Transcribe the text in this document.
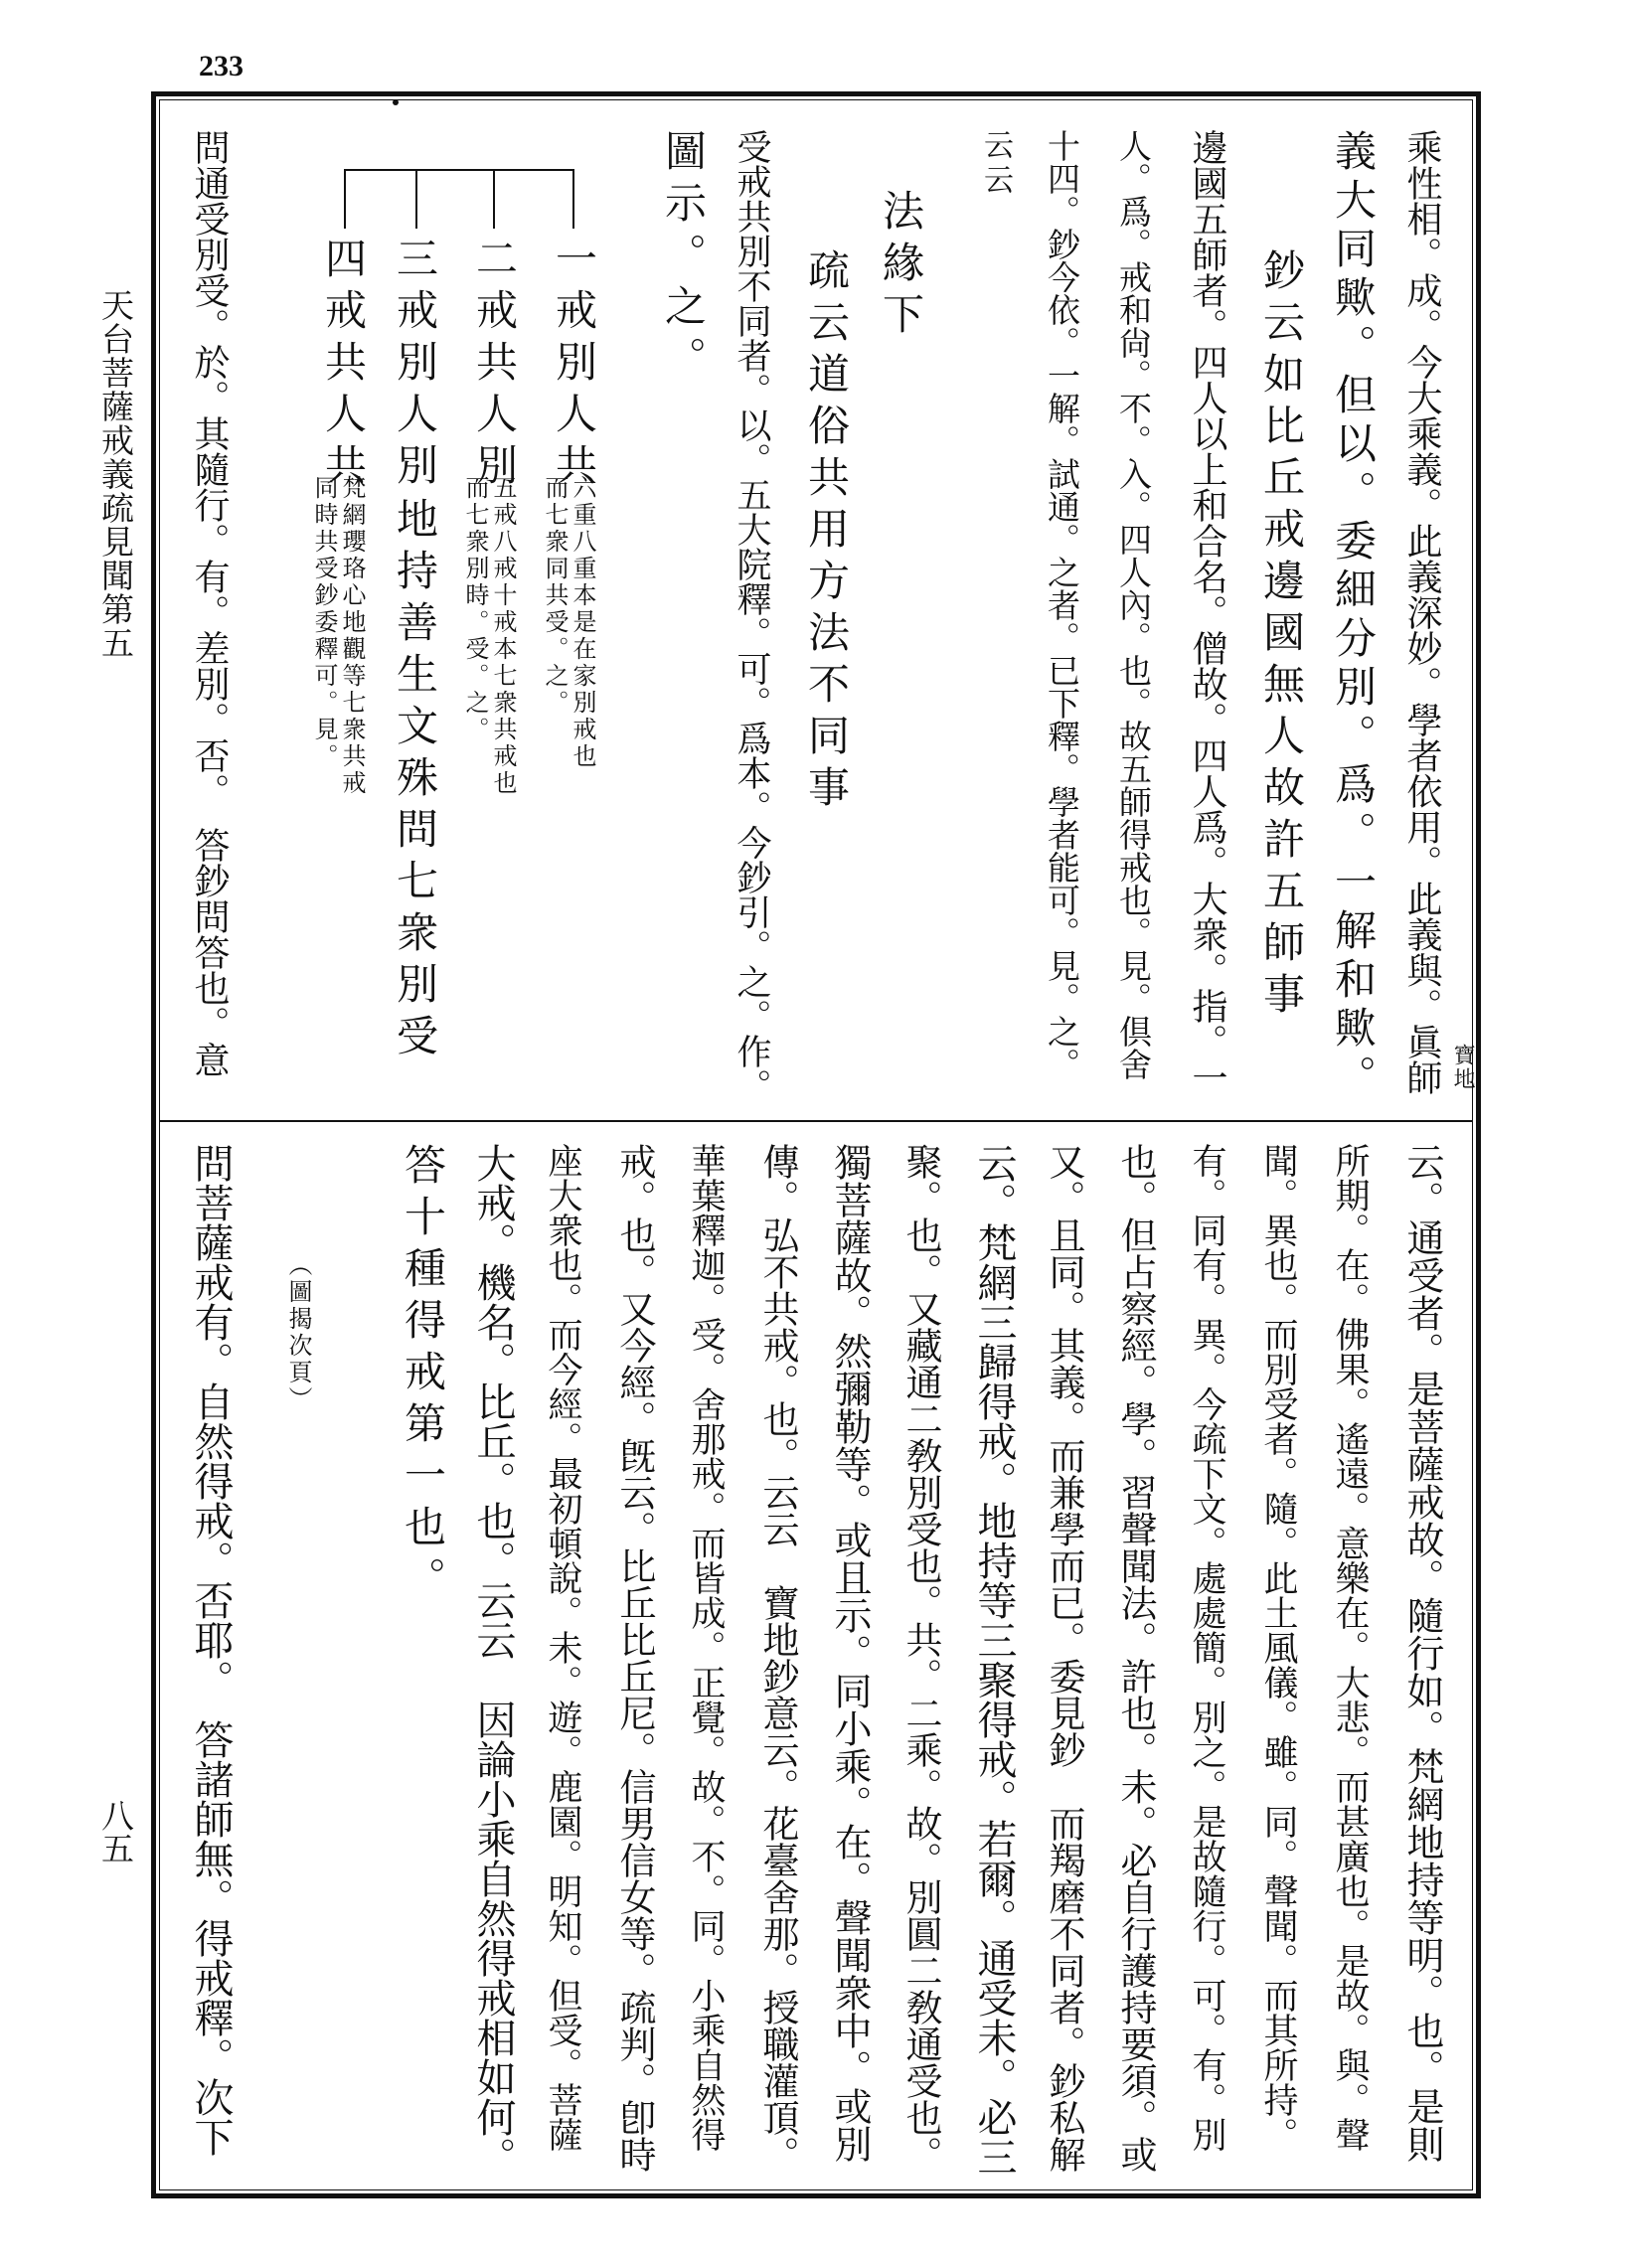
233
天台菩薩戒義疏見聞第五
八五
乘性相。成。今大乘義。此義深妙。學者依用。此義與。眞師 寶地
義大同歟。但以。委細分別。爲。一解和歟。
鈔云如比丘戒邊國無人故許五師事
邊國五師者。四人以上和合名。僧故。四人爲。大衆。指。一
人。爲。戒和尙。不。入。四人內。也。故五師得戒也。見。倶舍
十四。鈔今依。一解。試通。之者。已下釋。學者能可。見。之。
云云
法緣下
疏云道俗共用方法不同事
受戒共別不同者。以。五大院釋。可。爲本。今鈔引。之。作。
圖示。之。
一戒別人共
六重八重本是在家別戒也
而七衆同共受。之。
二戒共人別
五戒八戒十戒本七衆共戒也
而七衆別時。受。之。
三戒別人別
地持善生文殊問七衆別受
四戒共人共
梵網瓔珞心地觀等七衆共戒
同時共受鈔委釋可。見。
問通受別受。於。其隨行。有。差別。否。　答鈔問答也。意
云。通受者。是菩薩戒故。隨行如。梵網地持等明。也。是則
所期。在。佛果。遙遠。意樂在。大悲。而甚廣也。是故。與。聲
聞。異也。而別受者。隨。此土風儀。雖。同。聲聞。而其所持。
有。同有。異。今疏下文。處處簡。別之。是故隨行。可。有。別
也。但占察經。學。習聲聞法。許也。未。必自行護持要須。或
又。且同。其義。而兼學而已。委見鈔　而羯磨不同者。鈔私解
云。梵網三歸得戒。地持等三聚得戒。若爾。通受未。必三
聚。也。又藏通二敎別受也。共。二乘。故。別圓二敎通受也。
獨菩薩故。然彌勒等。或且示。同小乘。在。聲聞衆中。或別
傳。弘不共戒。也。云云　寶地鈔意云。花臺舍那。授職灌頂。
華葉釋迦。受。舍那戒。而皆成。正覺。故。不。同。小乘自然得
戒。也。又今經。旣云。比丘比丘尼。信男信女等。疏判。卽時
座大衆也。而今經。最初頓說。未。遊。鹿園。明知。但受。菩薩
大戒。機名。比丘。也。云云　因論小乘自然得戒相如何。
答十種得戒第一也。
（圖揭次頁）
問菩薩戒有。自然得戒。否耶。　答諸師無。得戒釋。次下
